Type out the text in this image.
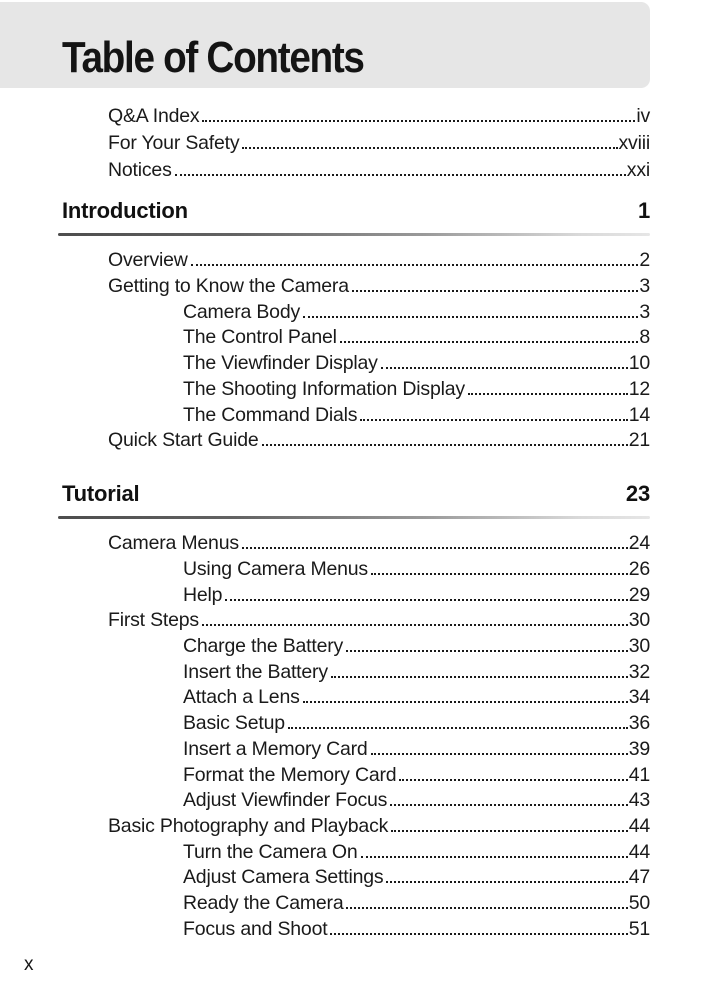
Table of Contents
Q&A Index	iv
For Your Safety	xviii
Notices	xxi
Introduction	1
Overview	2
Getting to Know the Camera	3
Camera Body	3
The Control Panel	8
The Viewfinder Display	10
The Shooting Information Display	12
The Command Dials	14
Quick Start Guide	21
Tutorial	23
Camera Menus	24
Using Camera Menus	26
Help	29
First Steps	30
Charge the Battery	30
Insert the Battery	32
Attach a Lens	34
Basic Setup	36
Insert a Memory Card	39
Format the Memory Card	41
Adjust Viewfinder Focus	43
Basic Photography and Playback	44
Turn the Camera On	44
Adjust Camera Settings	47
Ready the Camera	50
Focus and Shoot	51
x
